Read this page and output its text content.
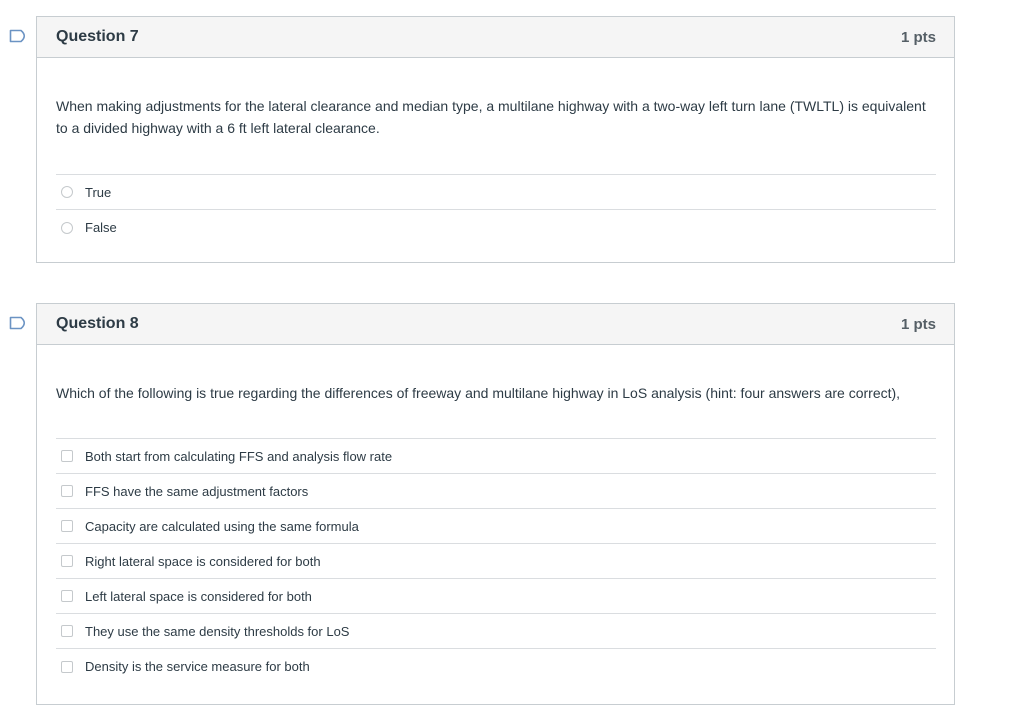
Question 7	1 pts
When making adjustments for the lateral clearance and median type, a multilane highway with a two-way left turn lane (TWLTL) is equivalent to a divided highway with a 6 ft left lateral clearance.
True
False
Question 8	1 pts
Which of the following is true regarding the differences of freeway and multilane highway in LoS analysis (hint: four answers are correct),
Both start from calculating FFS and analysis flow rate
FFS have the same adjustment factors
Capacity are calculated using the same formula
Right lateral space is considered for both
Left lateral space is considered for both
They use the same density thresholds for LoS
Density is the service measure for both
